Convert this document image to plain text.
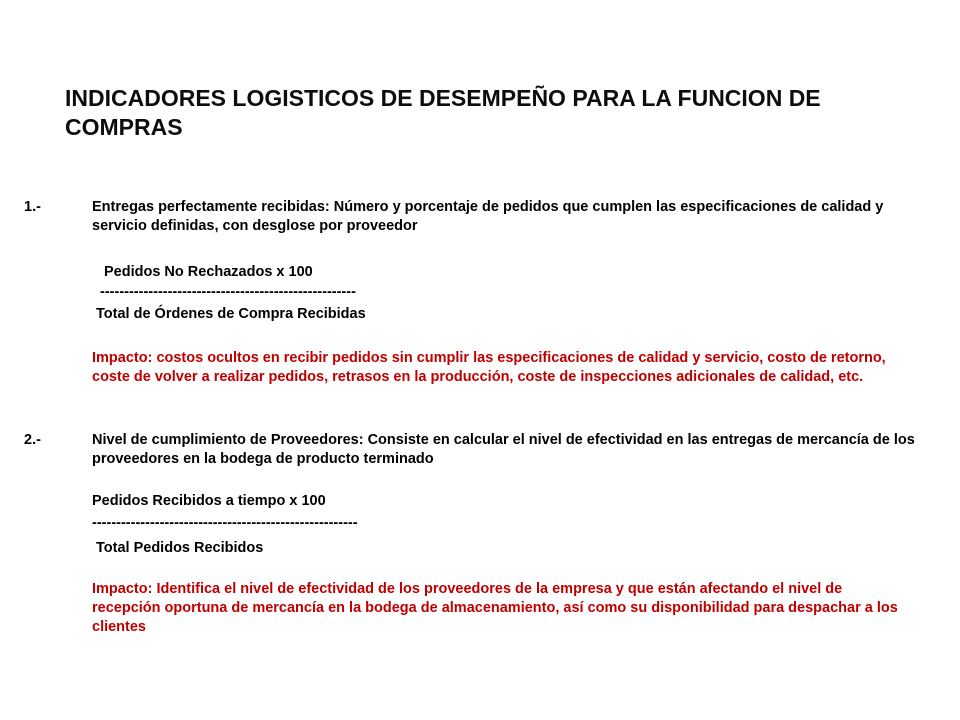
INDICADORES LOGISTICOS DE DESEMPEÑO PARA LA FUNCION DE COMPRAS
1.-	Entregas perfectamente recibidas: Número y porcentaje de pedidos que cumplen las especificaciones de calidad y servicio definidas, con desglose por proveedor
Pedidos No Rechazados x 100
-----------------------------------------------------
Total de Órdenes de Compra Recibidas
Impacto: costos ocultos en recibir pedidos sin cumplir las especificaciones de calidad y servicio, costo de retorno, coste de volver a realizar pedidos, retrasos en la producción, coste de inspecciones adicionales de calidad, etc.
2.-	Nivel de cumplimiento de Proveedores: Consiste en calcular el nivel de efectividad en las entregas de mercancía de los proveedores en la bodega de producto terminado
Pedidos Recibidos a tiempo x 100
-------------------------------------------------------
Total Pedidos Recibidos
Impacto: Identifica el nivel de efectividad de los proveedores de la empresa y que están afectando el nivel de recepción oportuna de mercancía en la bodega de almacenamiento, así como su disponibilidad para despachar a los clientes
